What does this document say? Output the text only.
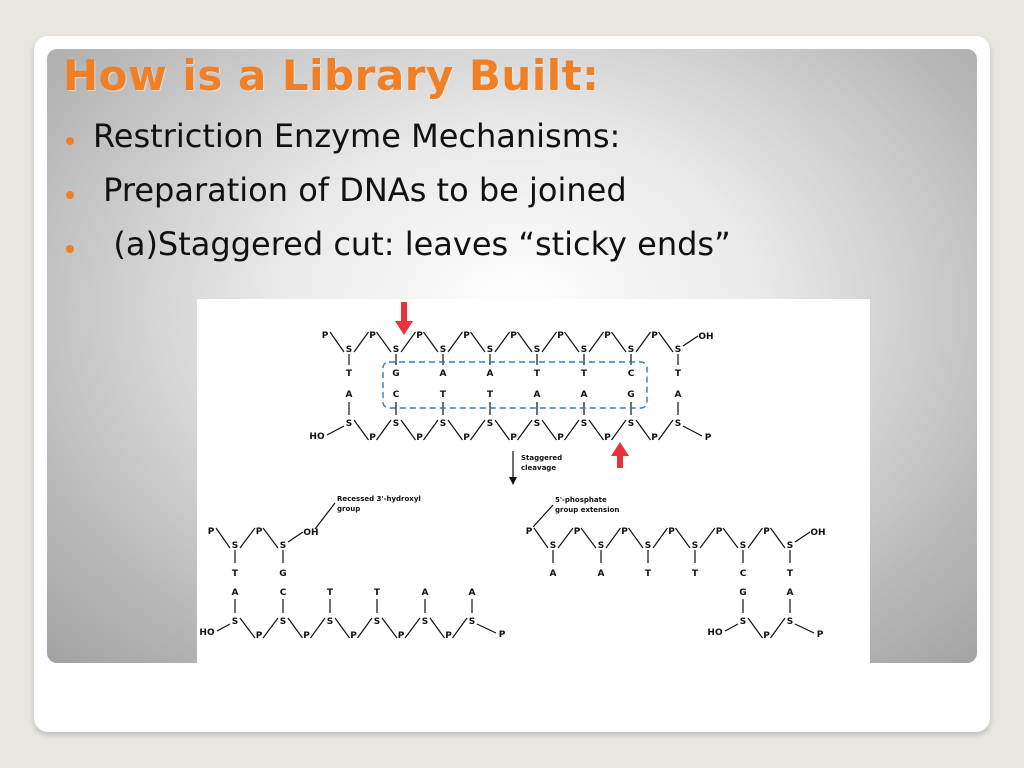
How is a Library Built:
Restriction Enzyme Mechanisms:
Preparation of DNAs to be joined
(a)Staggered cut: leaves “sticky ends”
P
S
P
S
P
S
P
S
P
S
P
S
P
S
P
S
OH
T	G	A	A	T	T	C	T
A	C	T	T	A	A	G	A
S
P
S
P
S
P
S
P
S
P
S
P
S
P
S
HO	P
Staggered
cleavage
P
S
P
S
OH
Recessed 3'-hydroxyl
group
T	G
A	C	T	T	A	A
S
P
S
P
S
P
S
P
S
P
S
HO	P
P
S
P
S
P
S
P
S
P
S
P
S
OH
5'-phosphate
group extension
A	A	T	T	C	T
G	A
S
P
S
HO	P
